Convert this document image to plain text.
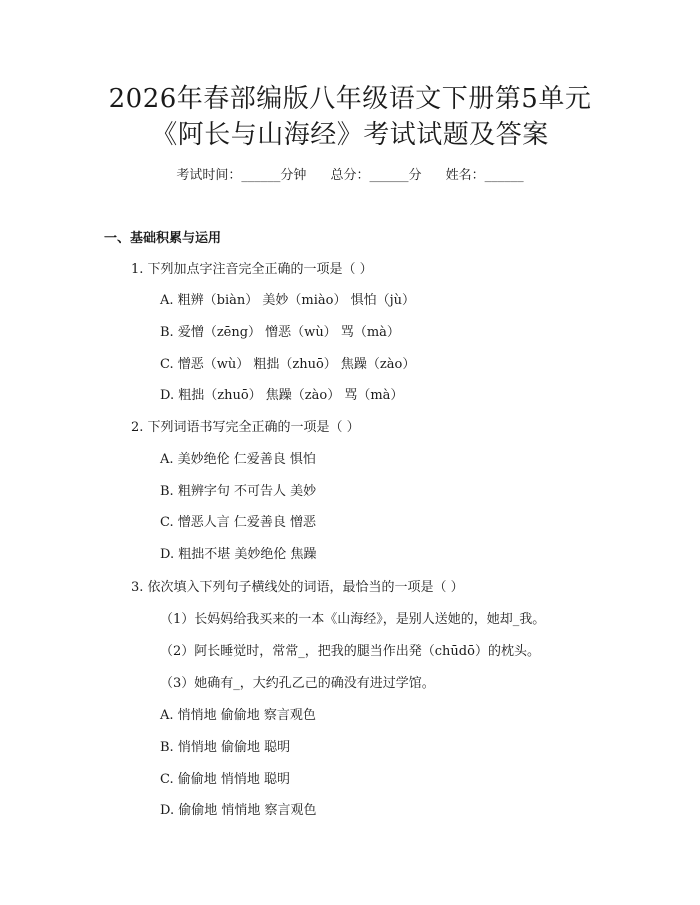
2026年春部编版八年级语文下册第5单元
《阿长与山海经》考试试题及答案
考试时间：______分钟 总分：______分 姓名：______
一、基础积累与运用
1. 下列加点字注音完全正确的一项是（ ）
A. 粗辨（biàn） 美妙（miào） 惧怕（jù）
B. 爱憎（zēng） 憎恶（wù） 骂（mà）
C. 憎恶（wù） 粗拙（zhuō） 焦躁（zào）
D. 粗拙（zhuō） 焦躁（zào） 骂（mà）
2. 下列词语书写完全正确的一项是（ ）
A. 美妙绝伦 仁爱善良 惧怕
B. 粗辨字句 不可告人 美妙
C. 憎恶人言 仁爱善良 憎恶
D. 粗拙不堪 美妙绝伦 焦躁
3. 依次填入下列句子横线处的词语，最恰当的一项是（ ）
（1）长妈妈给我买来的一本《山海经》，是别人送她的，她却_我。
（2）阿长睡觉时，常常_，把我的腿当作出発（chūdō）的枕头。
（3）她确有_，大约孔乙己的确没有进过学馆。
A. 悄悄地 偷偷地 察言观色
B. 悄悄地 偷偷地 聪明
C. 偷偷地 悄悄地 聪明
D. 偷偷地 悄悄地 察言观色
